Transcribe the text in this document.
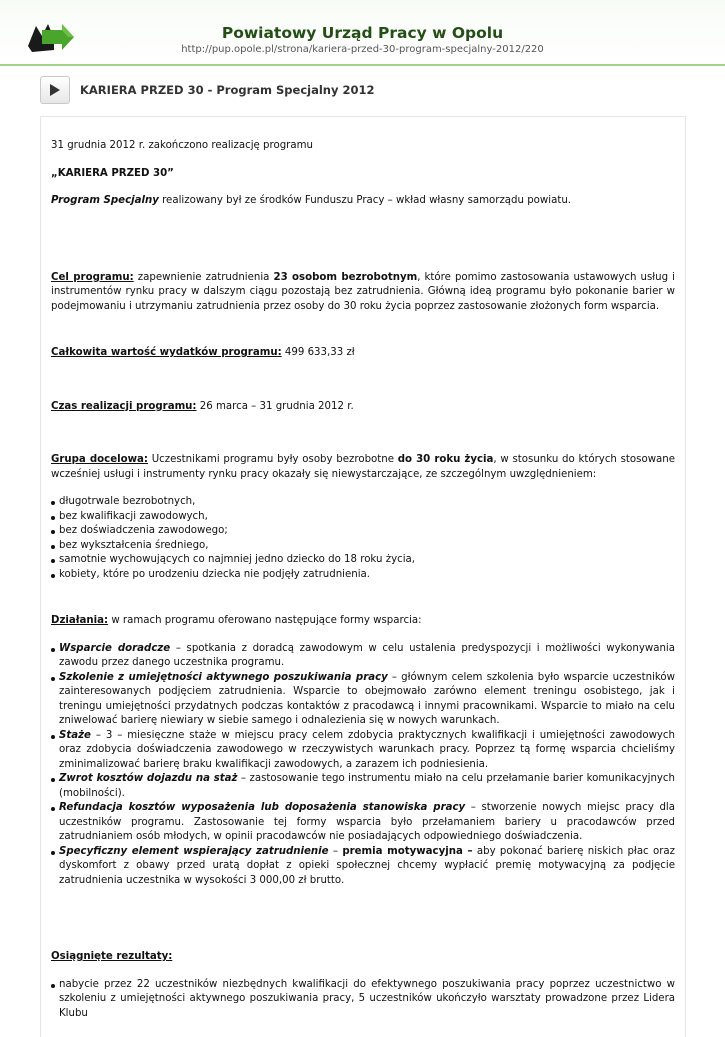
Powiatowy Urząd Pracy w Opolu
http://pup.opole.pl/strona/kariera-przed-30-program-specjalny-2012/220
KARIERA PRZED 30 - Program Specjalny 2012

31 grudnia 2012 r. zakończono realizację programu

„KARIERA PRZED 30”

Program Specjalny realizowany był ze środków Funduszu Pracy – wkład własny samorządu powiatu.

Cel programu: zapewnienie zatrudnienia 23 osobom bezrobotnym, które pomimo zastosowania ustawowych usług i instrumentów rynku pracy w dalszym ciągu pozostają bez zatrudnienia. Główną ideą programu było pokonanie barier w podejmowaniu i utrzymaniu zatrudnienia przez osoby do 30 roku życia poprzez zastosowanie złożonych form wsparcia.

Całkowita wartość wydatków programu: 499 633,33 zł

Czas realizacji programu: 26 marca – 31 grudnia 2012 r.

Grupa docelowa: Uczestnikami programu były osoby bezrobotne do 30 roku życia, w stosunku do których stosowane wcześniej usługi i instrumenty rynku pracy okazały się niewystarczające, ze szczególnym uwzględnieniem:

długotrwale bezrobotnych,
bez kwalifikacji zawodowych,
bez doświadczenia zawodowego;
bez wykształcenia średniego,
samotnie wychowujących co najmniej jedno dziecko do 18 roku życia,
kobiety, które po urodzeniu dziecka nie podjęły zatrudnienia.

Działania: w ramach programu oferowano następujące formy wsparcia:

Wsparcie doradcze – spotkania z doradcą zawodowym w celu ustalenia predyspozycji i możliwości wykonywania zawodu przez danego uczestnika programu.
Szkolenie z umiejętności aktywnego poszukiwania pracy – głównym celem szkolenia było wsparcie uczestników zainteresowanych podjęciem zatrudnienia. Wsparcie to obejmowało zarówno element treningu osobistego, jak i treningu umiejętności przydatnych podczas kontaktów z pracodawcą i innymi pracownikami. Wsparcie to miało na celu zniwelować barierę niewiary w siebie samego i odnalezienia się w nowych warunkach.
Staże – 3 – miesięczne staże w miejscu pracy celem zdobycia praktycznych kwalifikacji i umiejętności zawodowych oraz zdobycia doświadczenia zawodowego w rzeczywistych warunkach pracy. Poprzez tą formę wsparcia chcieliśmy zminimalizować barierę braku kwalifikacji zawodowych, a zarazem ich podniesienia.
Zwrot kosztów dojazdu na staż – zastosowanie tego instrumentu miało na celu przełamanie barier komunikacyjnych (mobilności).
Refundacja kosztów wyposażenia lub doposażenia stanowiska pracy – stworzenie nowych miejsc pracy dla uczestników programu. Zastosowanie tej formy wsparcia było przełamaniem bariery u pracodawców przed zatrudnianiem osób młodych, w opinii pracodawców nie posiadających odpowiedniego doświadczenia.
Specyficzny element wspierający zatrudnienie – premia motywacyjna – aby pokonać barierę niskich płac oraz dyskomfort z obawy przed uratą dopłat z opieki społecznej chcemy wypłacić premię motywacyjną za podjęcie zatrudnienia uczestnika w wysokości 3 000,00 zł brutto.

Osiągnięte rezultaty:

nabycie przez 22 uczestników niezbędnych kwalifikacji do efektywnego poszukiwania pracy poprzez uczestnictwo w szkoleniu z umiejętności aktywnego poszukiwania pracy, 5 uczestników ukończyło warsztaty prowadzone przez Lidera Klubu
